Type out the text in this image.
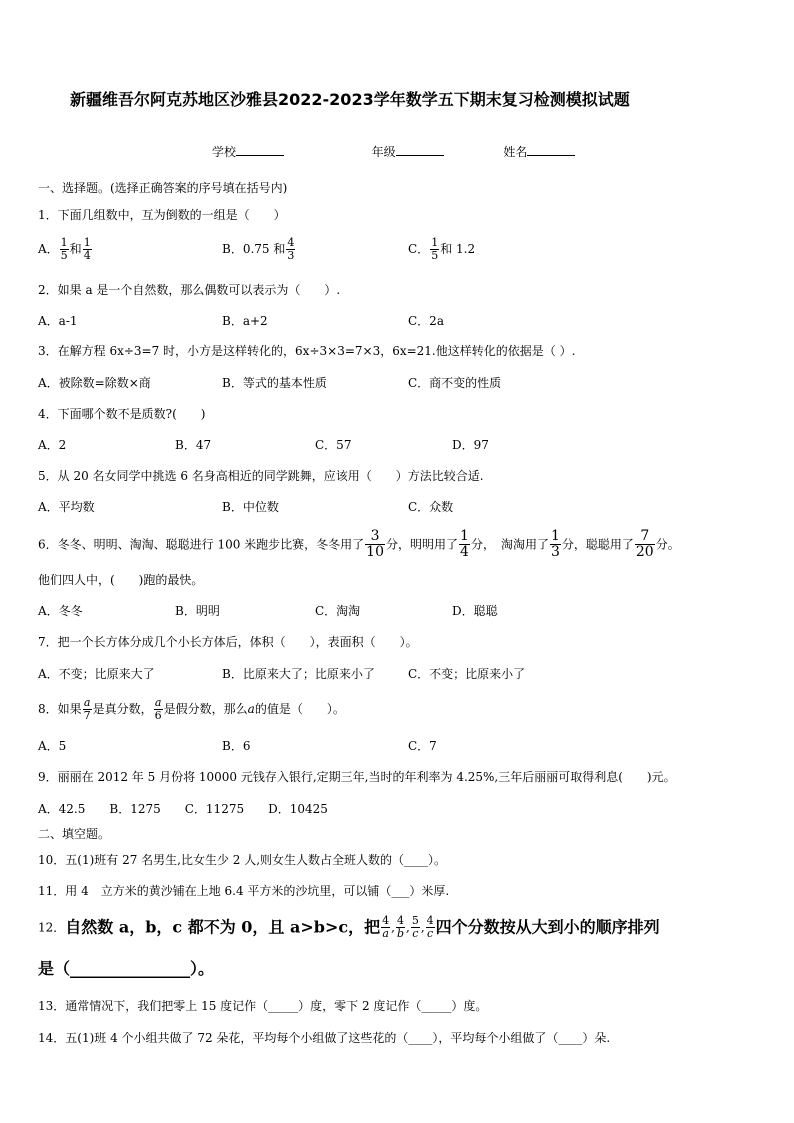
新疆维吾尔阿克苏地区沙雅县2022-2023学年数学五下期末复习检测模拟试题
学校	年级	姓名
一、选择题。(选择正确答案的序号填在括号内)
1．下面几组数中，互为倒数的一组是（　　）
A． $\frac{1}{5}$ 和 $\frac{1}{4}$	B．0.75 和 $\frac{4}{3}$	C． $\frac{1}{5}$ 和 1.2
2．如果 a 是一个自然数，那么偶数可以表示为（　　）.
A．a-1	B．a+2	C．2a
3．在解方程 6x÷3=7 时，小方是这样转化的，6x÷3×3=7×3，6x=21.他这样转化的依据是（ ）.
A．被除数=除数×商	B．等式的基本性质	C．商不变的性质
4．下面哪个数不是质数?(　　)
A．2	B．47	C．57	D．97
5．从 20 名女同学中挑选 6 名身高相近的同学跳舞，应该用（　　）方法比较合适.
A．平均数	B．中位数	C．众数
6．冬冬、明明、淘淘、聪聪进行 100 米跑步比赛，冬冬用了 $\frac{3}{10}$ 分，明明用了 $\frac{1}{4}$ 分，　淘淘用了 $\frac{1}{3}$ 分，聪聪用了 $\frac{7}{20}$ 分。
他们四人中，(　　)跑的最快。
A．冬冬	B．明明	C．淘淘	D．聪聪
7．把一个长方体分成几个小长方体后，体积（　　），表面积（　　）。
A．不变；比原来大了	B．比原来大了；比原来小了	C．不变；比原来小了
8．如果 $\frac{a}{7}$ 是真分数， $\frac{a}{6}$ 是假分数，那么a的值是（　　）。
A．5	B．6	C．7
9．丽丽在 2012 年 5 月份将 10000 元钱存入银行,定期三年,当时的年利率为 4.25%,三年后丽丽可取得利息(　　)元。
A．42.5　　B．1275　　C．11275　　D．10425
二、填空题。
10．五(1)班有 27 名男生,比女生少 2 人,则女生人数占全班人数的（____）。
11．用 4　立方米的黄沙铺在上地 6.4 平方米的沙坑里，可以铺（___）米厚.
12．自然数 a，b，c 都不为 0，且 a>b>c，把 $\frac{4}{a}$ , $\frac{4}{b}$ , $\frac{5}{c}$ , $\frac{4}{c}$ 四个分数按从大到小的顺序排列
是（_______________）。
13．通常情况下，我们把零上 15 度记作（_____）度，零下 2 度记作（_____）度。
14．五(1)班 4 个小组共做了 72 朵花，平均每个小组做了这些花的（____），平均每个小组做了（____）朵.
